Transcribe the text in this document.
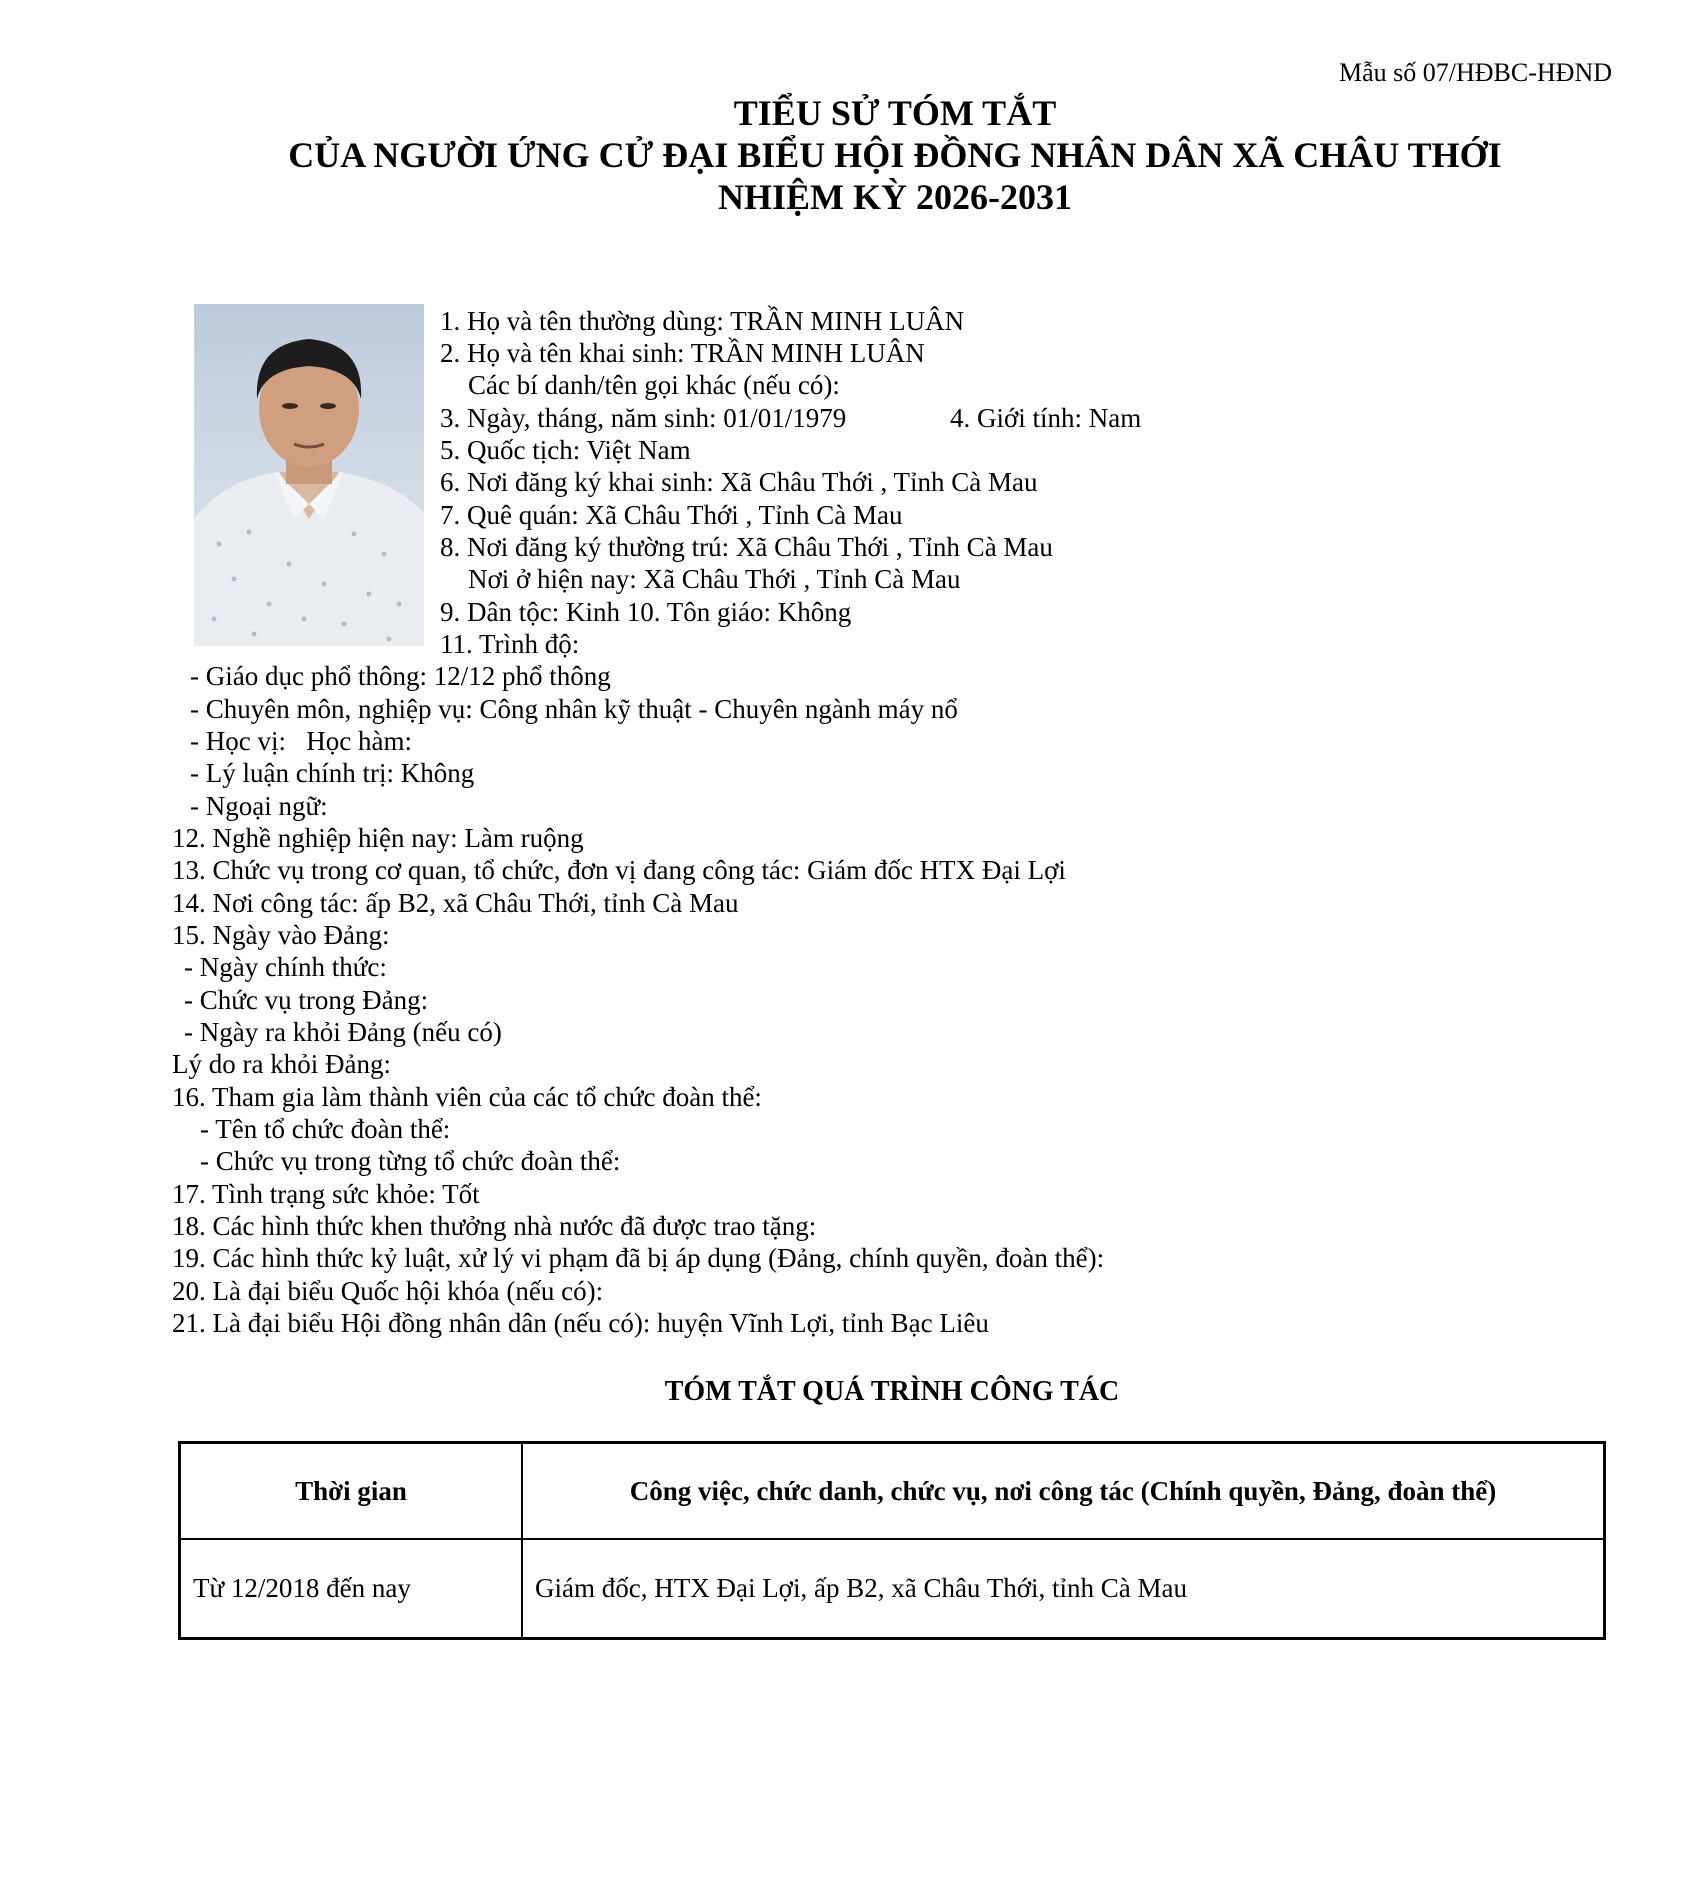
Mẫu số 07/HĐBC-HĐND
TIỂU SỬ TÓM TẮT
CỦA NGƯỜI ỨNG CỬ ĐẠI BIỂU HỘI ĐỒNG NHÂN DÂN XÃ CHÂU THỚI
NHIỆM KỲ 2026-2031
1. Họ và tên thường dùng: TRẦN MINH LUÂN
2. Họ và tên khai sinh: TRẦN MINH LUÂN
Các bí danh/tên gọi khác (nếu có):
3. Ngày, tháng, năm sinh: 01/01/1979	4. Giới tính: Nam
5. Quốc tịch: Việt Nam
6. Nơi đăng ký khai sinh: Xã Châu Thới , Tỉnh Cà Mau
7. Quê quán: Xã Châu Thới , Tỉnh Cà Mau
8. Nơi đăng ký thường trú: Xã Châu Thới , Tỉnh Cà Mau
Nơi ở hiện nay: Xã Châu Thới , Tỉnh Cà Mau
9. Dân tộc: Kinh 10. Tôn giáo: Không
11. Trình độ:
- Giáo dục phổ thông: 12/12 phổ thông
- Chuyên môn, nghiệp vụ: Công nhân kỹ thuật - Chuyên ngành máy nổ
- Học vị:   Học hàm:
- Lý luận chính trị: Không
- Ngoại ngữ:
12. Nghề nghiệp hiện nay: Làm ruộng
13. Chức vụ trong cơ quan, tổ chức, đơn vị đang công tác: Giám đốc HTX Đại Lợi
14. Nơi công tác: ấp B2, xã Châu Thới, tỉnh Cà Mau
15. Ngày vào Đảng:
- Ngày chính thức:
- Chức vụ trong Đảng:
- Ngày ra khỏi Đảng (nếu có)
Lý do ra khỏi Đảng:
16. Tham gia làm thành viên của các tổ chức đoàn thể:
- Tên tổ chức đoàn thể:
- Chức vụ trong từng tổ chức đoàn thể:
17. Tình trạng sức khỏe: Tốt
18. Các hình thức khen thưởng nhà nước đã được trao tặng:
19. Các hình thức kỷ luật, xử lý vi phạm đã bị áp dụng (Đảng, chính quyền, đoàn thể):
20. Là đại biểu Quốc hội khóa (nếu có):
21. Là đại biểu Hội đồng nhân dân (nếu có): huyện Vĩnh Lợi, tỉnh Bạc Liêu
TÓM TẮT QUÁ TRÌNH CÔNG TÁC
Thời gian	Công việc, chức danh, chức vụ, nơi công tác (Chính quyền, Đảng, đoàn thể)
Từ 12/2018 đến nay	Giám đốc, HTX Đại Lợi, ấp B2, xã Châu Thới, tỉnh Cà Mau
